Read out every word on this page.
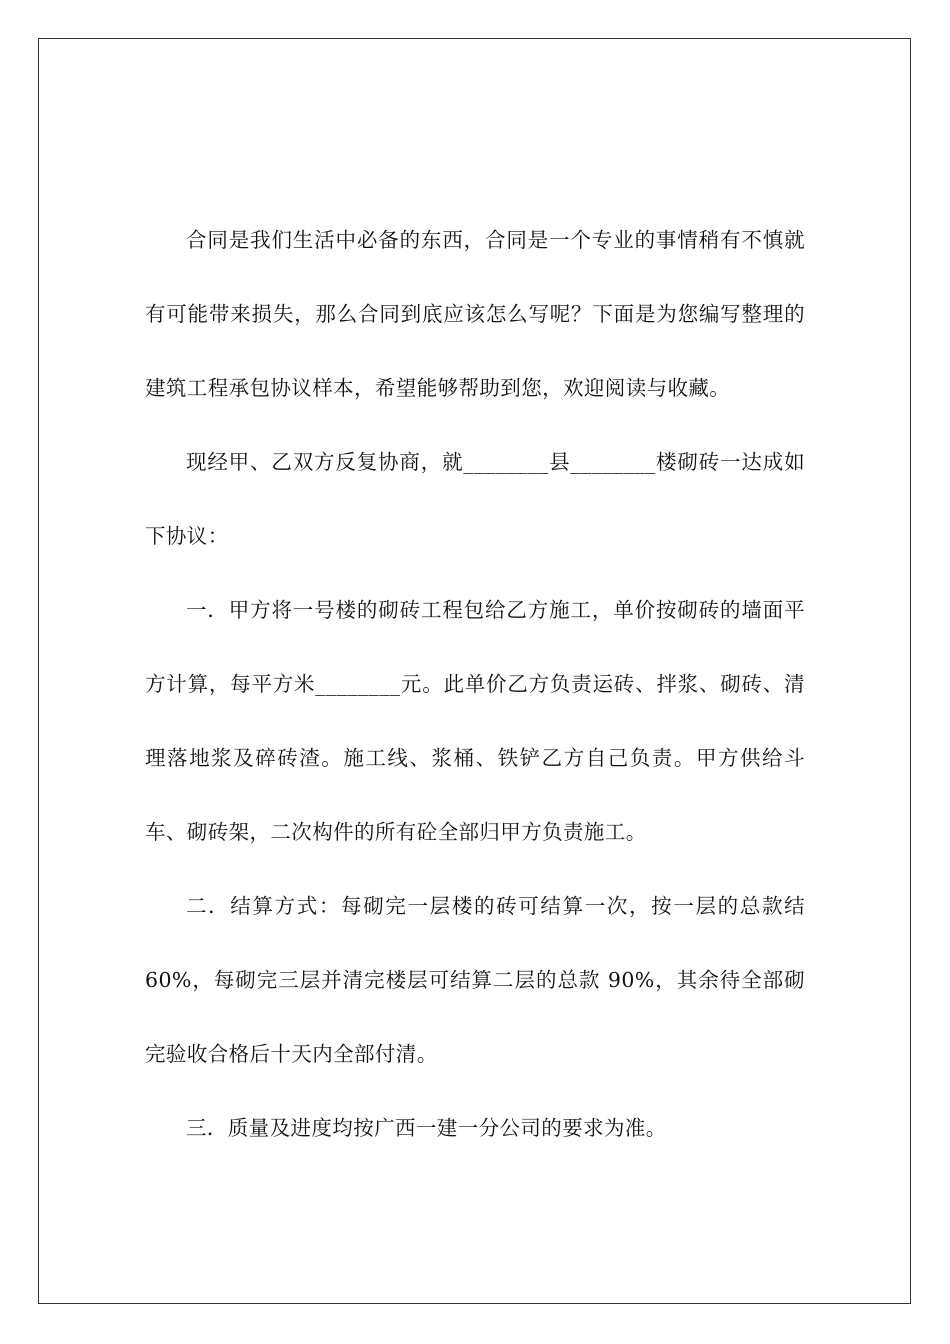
合同是我们生活中必备的东西，合同是一个专业的事情稍有不慎就有可能带来损失，那么合同到底应该怎么写呢？下面是为您编写整理的建筑工程承包协议样本，希望能够帮助到您，欢迎阅读与收藏。

现经甲、乙双方反复协商，就________县________楼砌砖一达成如下协议：

一．甲方将一号楼的砌砖工程包给乙方施工，单价按砌砖的墙面平方计算，每平方米________元。此单价乙方负责运砖、拌浆、砌砖、清理落地浆及碎砖渣。施工线、浆桶、铁铲乙方自己负责。甲方供给斗车、砌砖架，二次构件的所有砼全部归甲方负责施工。

二．结算方式：每砌完一层楼的砖可结算一次，按一层的总款结 60%，每砌完三层并清完楼层可结算二层的总款 90%，其余待全部砌完验收合格后十天内全部付清。

三．质量及进度均按广西一建一分公司的要求为准。
